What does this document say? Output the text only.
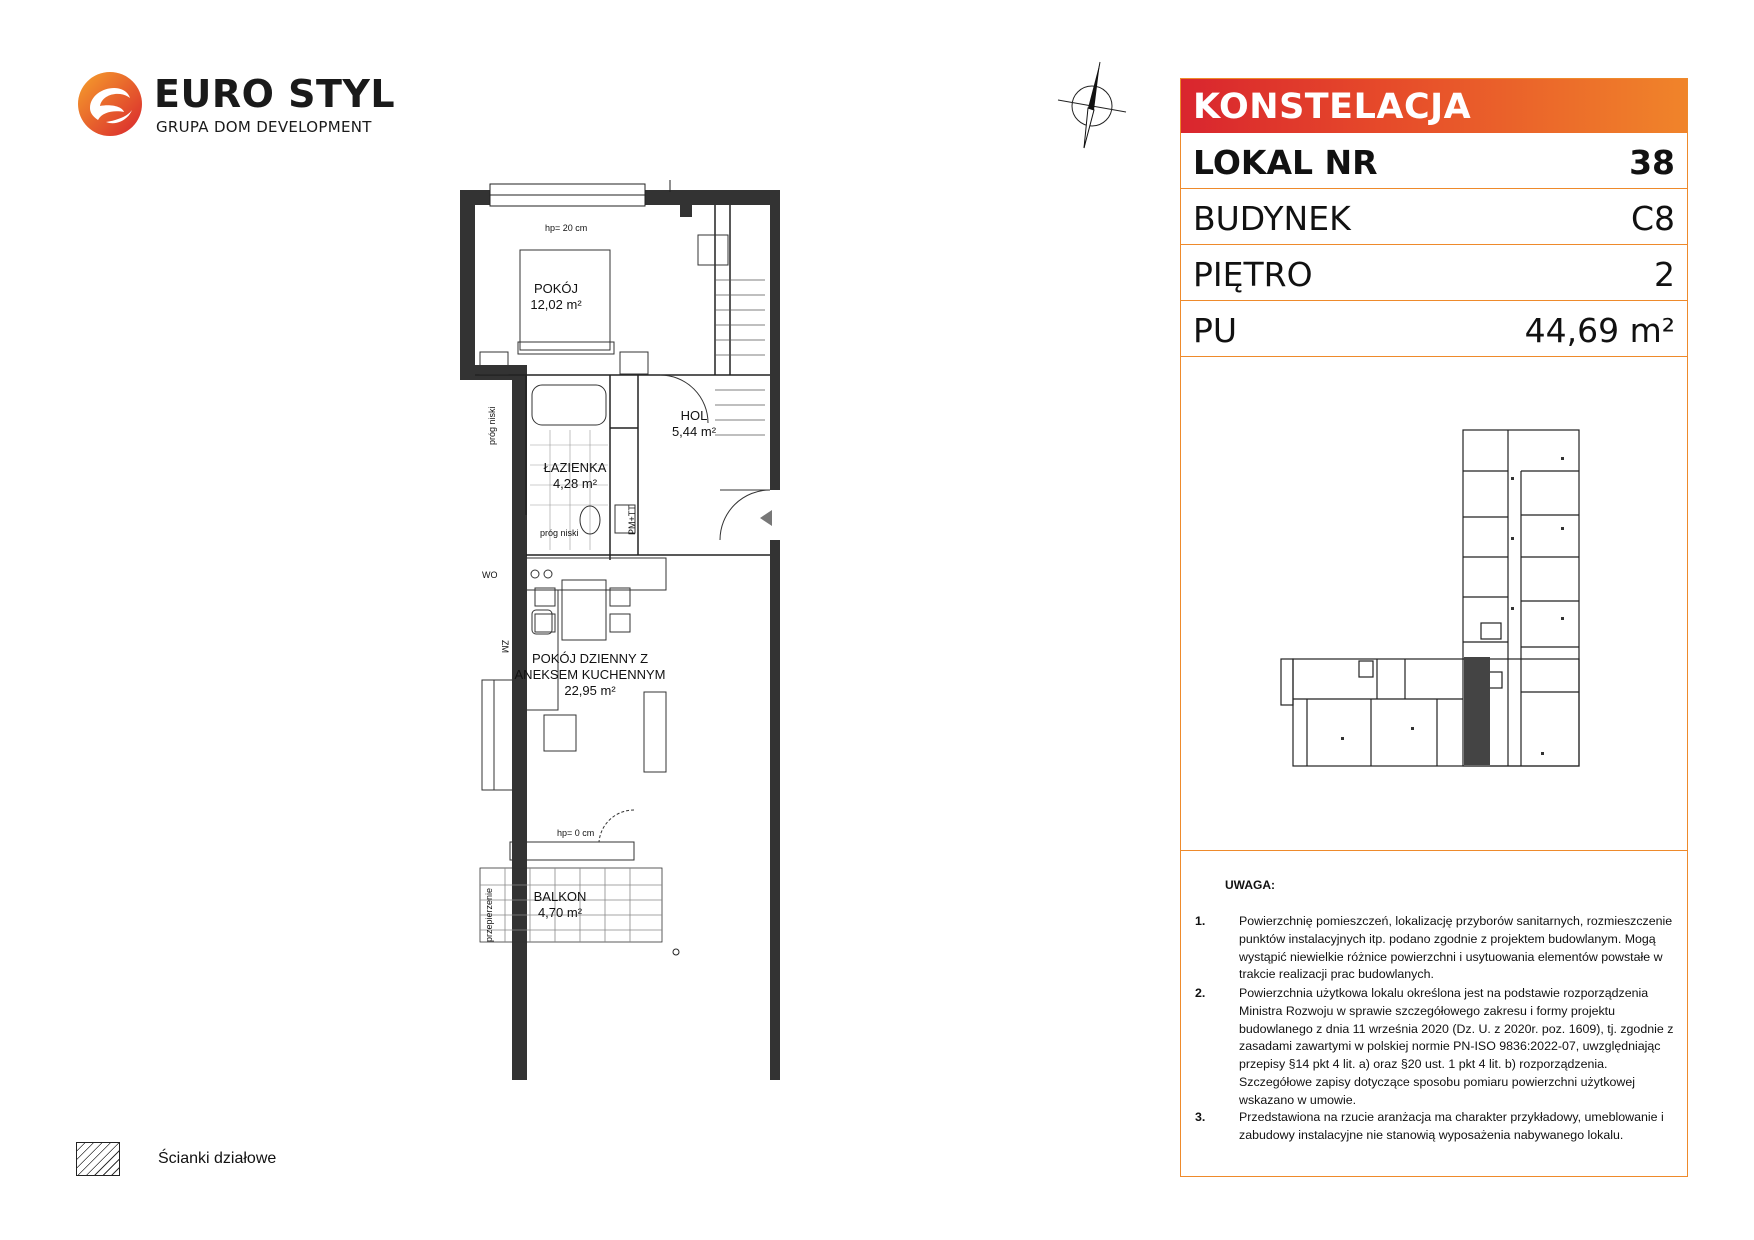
EURO STYL
GRUPA DOM DEVELOPMENT	KONSTELACJA
LOKAL NR	38
BUDYNEK	C8
PIĘTRO	2
PU	44,69 m²
UWAGA:
1.	Powierzchnię pomieszczeń, lokalizację przyborów sanitarnych, rozmieszczenie punktów instalacyjnych itp. podano zgodnie z projektem budowlanym. Mogą wystąpić niewielkie różnice powierzchni i usytuowania elementów powstałe w trakcie realizacji prac budowlanych.
2.	Powierzchnia użytkowa lokalu określona jest na podstawie rozporządzenia Ministra Rozwoju w sprawie szczegółowego zakresu i formy projektu budowlanego z dnia 11 września 2020 (Dz. U. z 2020r. poz. 1609), tj. zgodnie z zasadami zawartymi w polskiej normie PN-ISO 9836:2022-07, uwzględniając przepisy §14 pkt 4 lit. a) oraz §20 ust. 1 pkt 4 lit. b) rozporządzenia. Szczegółowe zapisy dotyczące sposobu pomiaru powierzchni użytkowej wskazano w umowie.
3.	Przedstawiona na rzucie aranżacja ma charakter przykładowy, umeblowanie i zabudowy instalacyjne nie stanowią wyposażenia nabywanego lokalu.
Ścianki działowe
hp= 20 cm
POKÓJ
12,02 m²
HOL
5,44 m²
ŁAZIENKA
4,28 m²
próg niski
próg niski
PM+TT
WO
ZM
POKÓJ DZIENNY Z
ANEKSEM KUCHENNYM
22,95 m²
hp= 0 cm
BALKON
4,70 m²
przepierzenie
